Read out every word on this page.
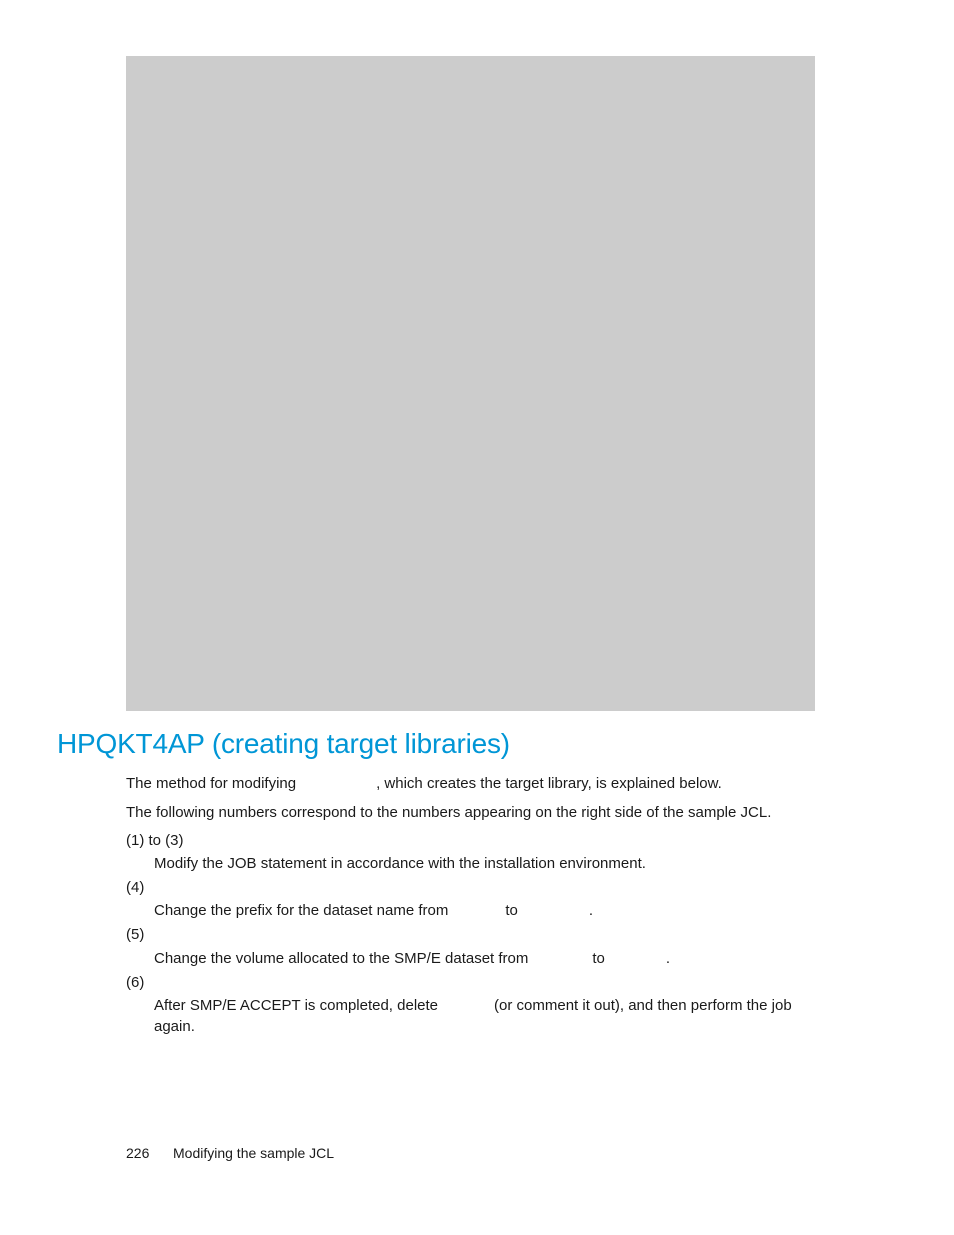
HPQKT4AP (creating target libraries)
The method for modifying	, which creates the target library, is explained below.
The following numbers correspond to the numbers appearing on the right side of the sample JCL.
(1) to (3)
Modify the JOB statement in accordance with the installation environment.
(4)
Change the prefix for the dataset name from	to	.
(5)
Change the volume allocated to the SMP/E dataset from	to	.
(6)
After SMP/E ACCEPT is completed, delete	(or comment it out), and then perform the job
again.
226 Modifying the sample JCL
